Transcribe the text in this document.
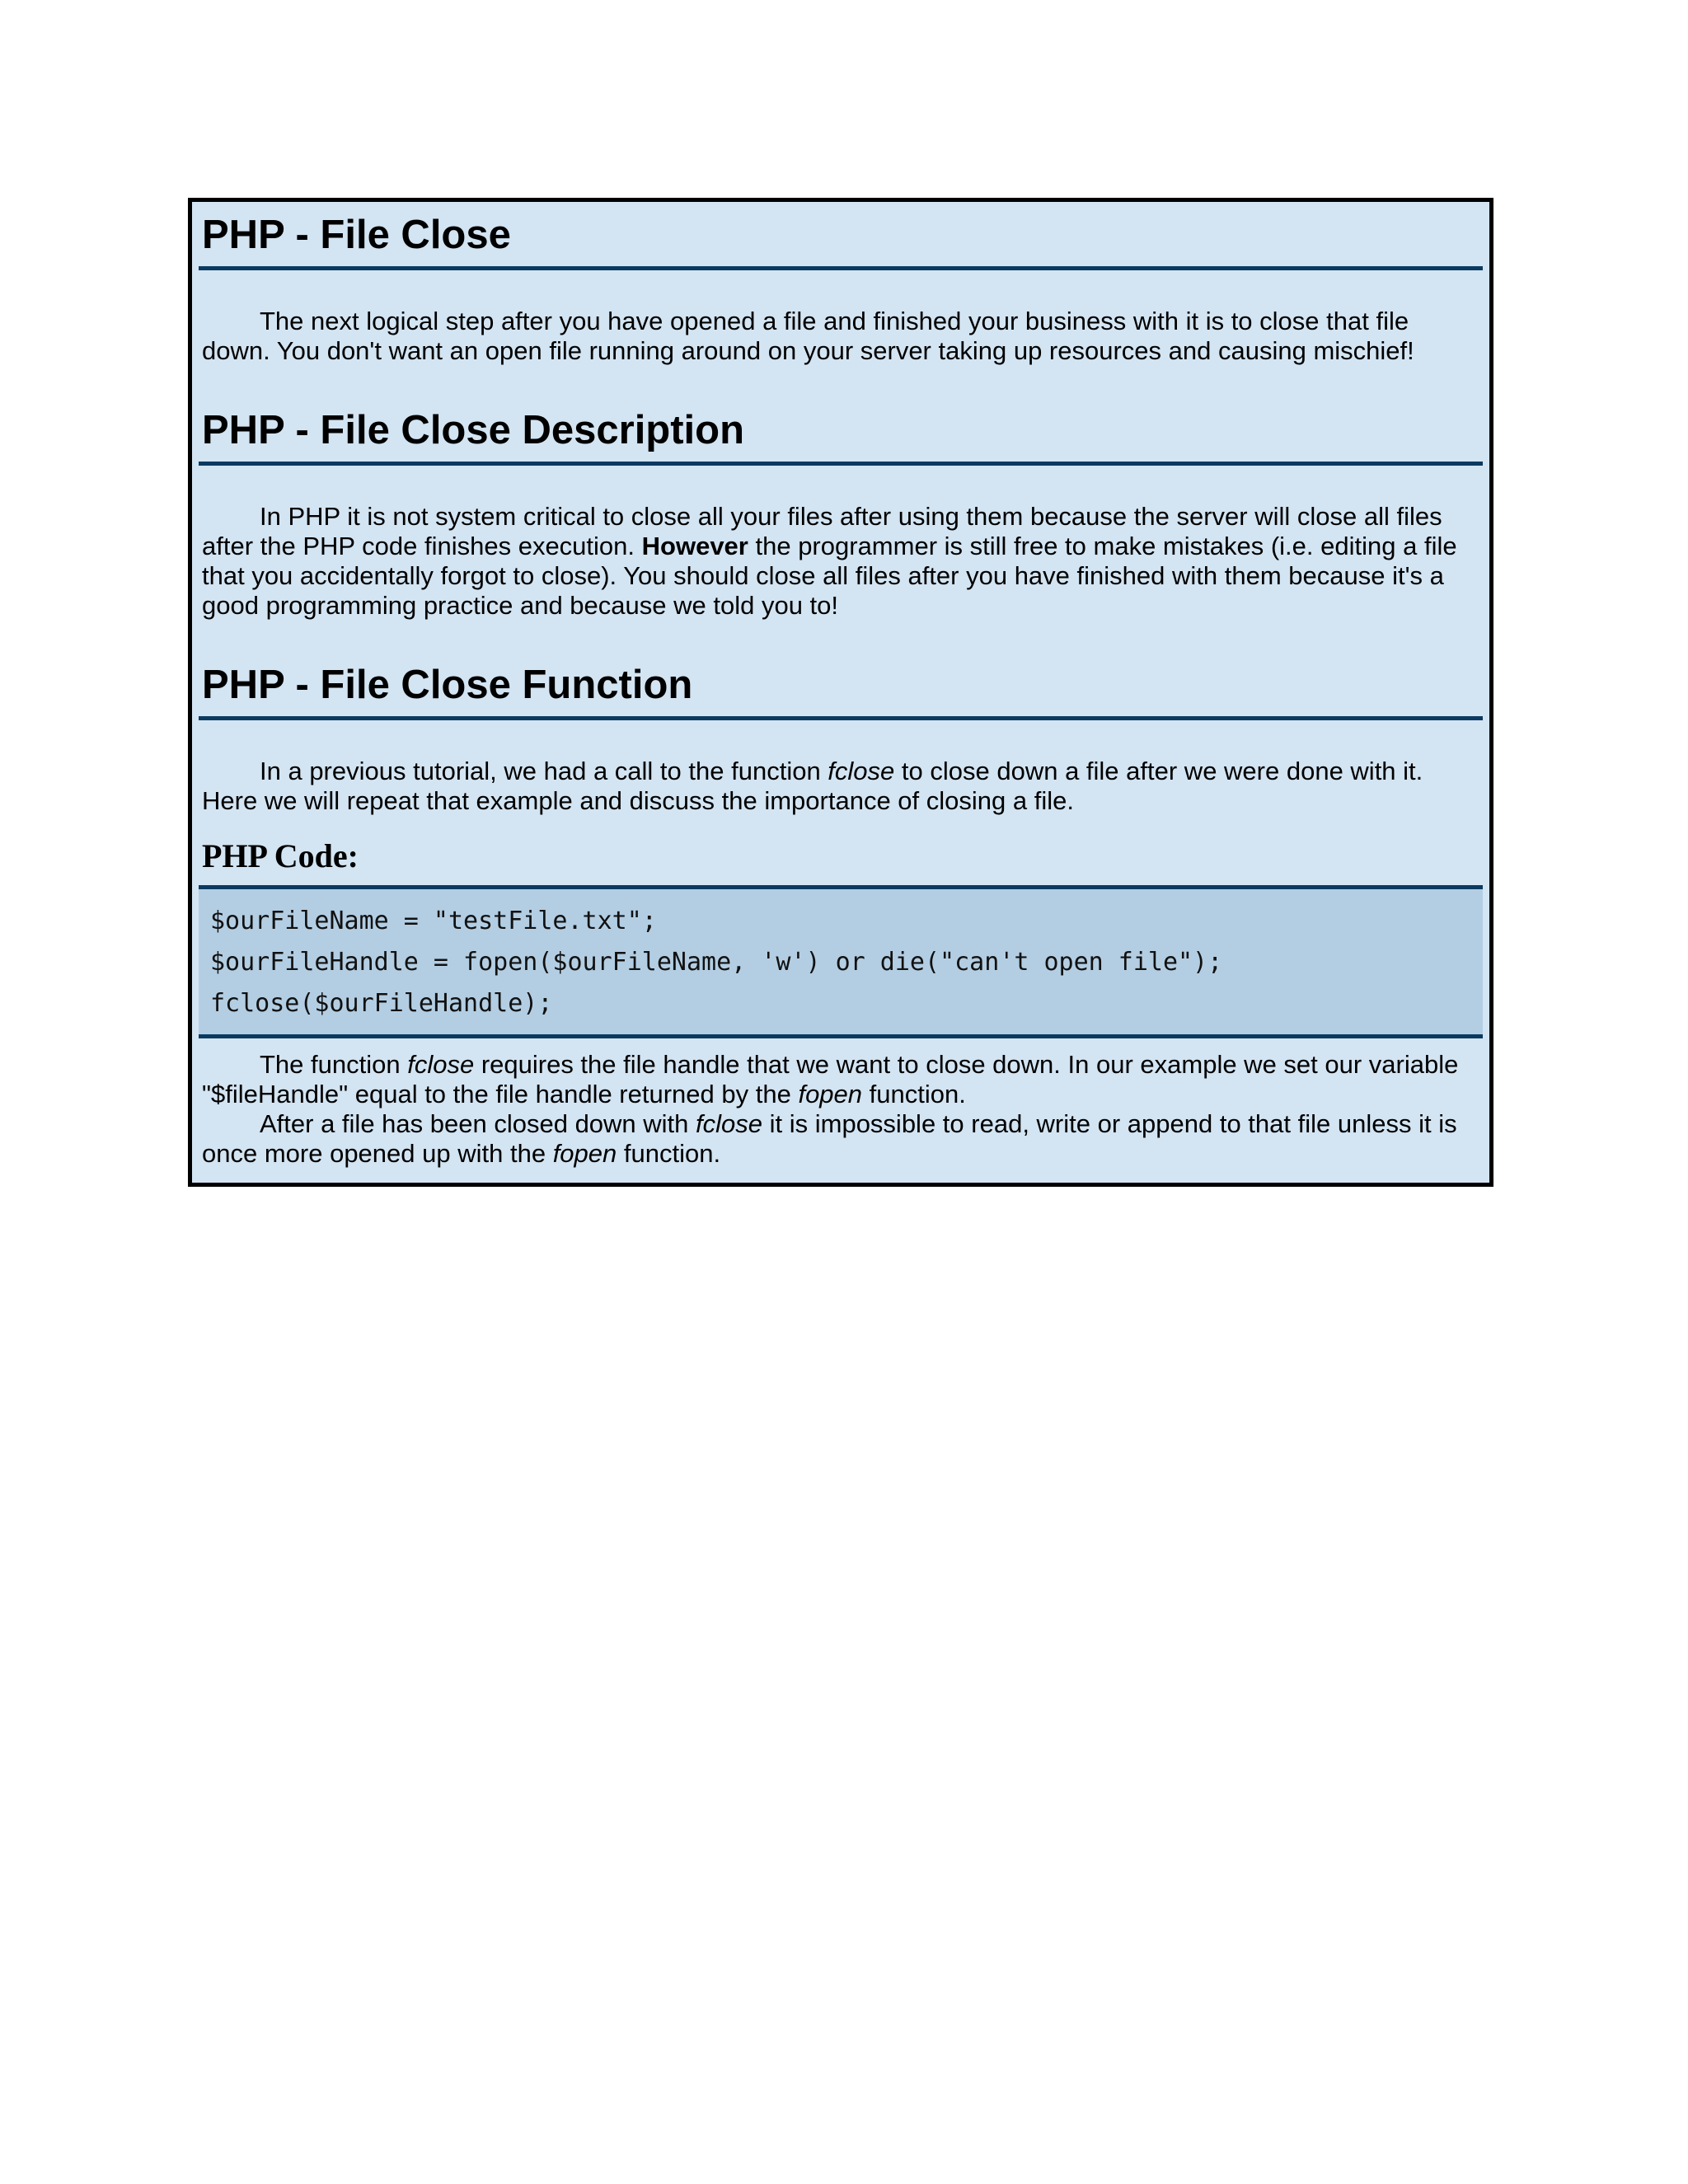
PHP - File Close

The next logical step after you have opened a file and finished your business with it is to close that file down. You don't want an open file running around on your server taking up resources and causing mischief!

PHP - File Close Description

In PHP it is not system critical to close all your files after using them because the server will close all files after the PHP code finishes execution. However the programmer is still free to make mistakes (i.e. editing a file that you accidentally forgot to close). You should close all files after you have finished with them because it's a good programming practice and because we told you to!

PHP - File Close Function

In a previous tutorial, we had a call to the function fclose to close down a file after we were done with it. Here we will repeat that example and discuss the importance of closing a file.

PHP Code:
$ourFileName = "testFile.txt";
$ourFileHandle = fopen($ourFileName, 'w') or die("can't open file");
fclose($ourFileHandle);

The function fclose requires the file handle that we want to close down. In our example we set our variable "$fileHandle" equal to the file handle returned by the fopen function.

After a file has been closed down with fclose it is impossible to read, write or append to that file unless it is once more opened up with the fopen function.
